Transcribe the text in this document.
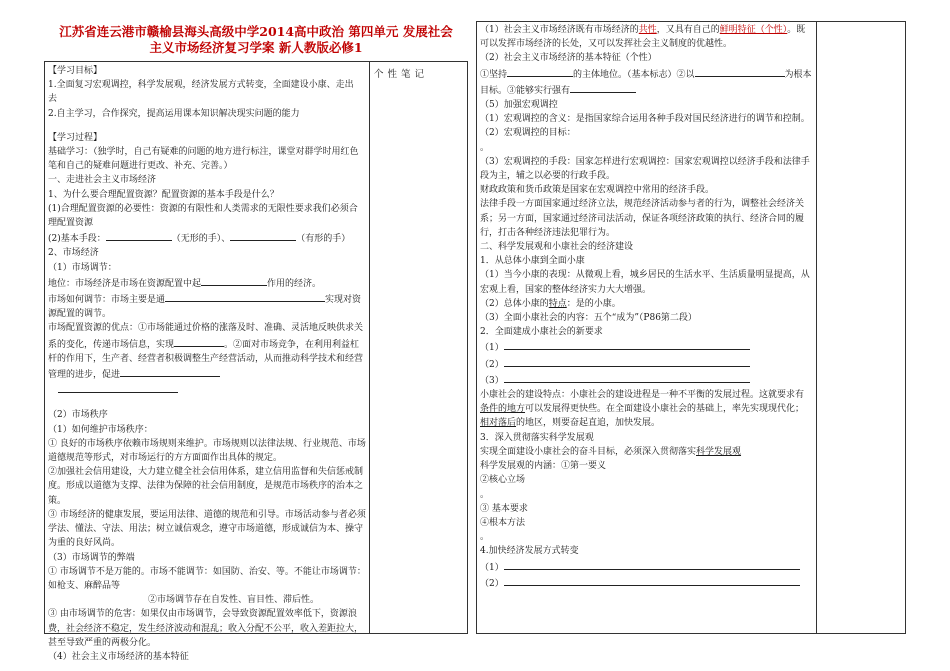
江苏省连云港市赣榆县海头高级中学2014高中政治 第四单元 发展社会
主义市场经济复习学案 新人教版必修1
个性笔记

【学习目标】

1.全面复习宏观调控，科学发展观，经济发展方式转变，全面建设小康、走出

去

2.自主学习，合作探究，提高运用课本知识解决现实问题的能力

【学习过程】

基础学习：（独学时，自己有疑难的问题的地方进行标注，课堂对群学时用红色笔和自己的疑难问题进行更改、补充、完善。）

一、走进社会主义市场经济

1、为什么要合理配置资源？配置资源的基本手段是什么？

(1)合理配置资源的必要性：资源的有限性和人类需求的无限性要求我们必须合理配置资源

(2)基本手段：	（无形的手）、	（有形的手）

2、市场经济

（1）市场调节：

地位：市场经济是市场在资源配置中起	作用的经济。

市场如何调节：市场主要是通	实现对资源配置的调节。

市场配置资源的优点：①市场能通过价格的涨落及时、准确、灵活地反映供求关系的变化，传递市场信息，实现	。②面对市场竞争，在利用利益杠杆的作用下，生产者、经营者积极调整生产经营活动，从而推动科学技术和经营管理的进步，促进

（2）市场秩序

（1）如何维护市场秩序：

① 良好的市场秩序依赖市场规则来维护。市场规则以法律法规、行业规范、市场道德规范等形式，对市场运行的方方面面作出具体的规定。

②加强社会信用建设，大力建立健全社会信用体系，建立信用监督和失信惩戒制度。形成以道德为支撑、法律为保障的社会信用制度，是规范市场秩序的治本之策。

③ 市场经济的健康发展，要运用法律、道德的规范和引导。市场活动参与者必须学法、懂法、守法、用法；树立诚信观念，遵守市场道德，形成诚信为本、操守为重的良好风尚。

（3）市场调节的弊端

① 市场调节不是万能的。市场不能调节：如国防、治安、等。不能让市场调节：如枪支、麻醉品等

②市场调节存在自发性、盲目性、滞后性。

③ 由市场调节的危害：如果仅由市场调节，会导致资源配置效率低下，资源浪费，社会经济不稳定，发生经济波动和混乱；收入分配不公平，收入差距拉大，甚至导致严重的两极分化。

（4）社会主义市场经济的基本特征

（1）社会主义市场经济既有市场经济的共性，又具有自己的鲜明特征（个性）。既可以发挥市场经济的长处，又可以发挥社会主义制度的优越性。

（2）社会主义市场经济的基本特征（个性）

①坚持	的主体地位。（基本标志）②以	为根本目标。③能够实行强有

（5）加强宏观调控

（1）宏观调控的含义：是指国家综合运用各种手段对国民经济进行的调节和控制。

（2）宏观调控的目标：

。

（3）宏观调控的手段：国家怎样进行宏观调控：国家宏观调控以经济手段和法律手段为主，辅之以必要的行政手段。

财政政策和货币政策是国家在宏观调控中常用的经济手段。

法律手段一方面国家通过经济立法，规范经济活动参与者的行为，调整社会经济关系；另一方面，国家通过经济司法活动，保证各项经济政策的执行、经济合同的履行，打击各种经济违法犯罪行为。

二、科学发展观和小康社会的经济建设

1．从总体小康到全面小康

（1）当今小康的表现：从微观上看，城乡居民的生活水平、生活质量明显提高，从宏观上看，国家的整体经济实力大大增强。

（2）总体小康的特点：是的小康。

（3）全面小康社会的内容：五个“成为”（P86第二段）

2．全面建成小康社会的新要求

（1）

（2）

（3）

小康社会的建设特点：小康社会的建设进程是一种不平衡的发展过程。这就要求有条件的地方可以发展得更快些。在全面建设小康社会的基础上，率先实现现代化；相对落后的地区，则要奋起直追，加快发展。

3．深入贯彻落实科学发展观

实现全面建设小康社会的奋斗目标，必须深入贯彻落实科学发展观

科学发展观的内涵：①第一要义

②核心立场

。

③ 基本要求

④根本方法

。

4.加快经济发展方式转变

（1）

（2）
